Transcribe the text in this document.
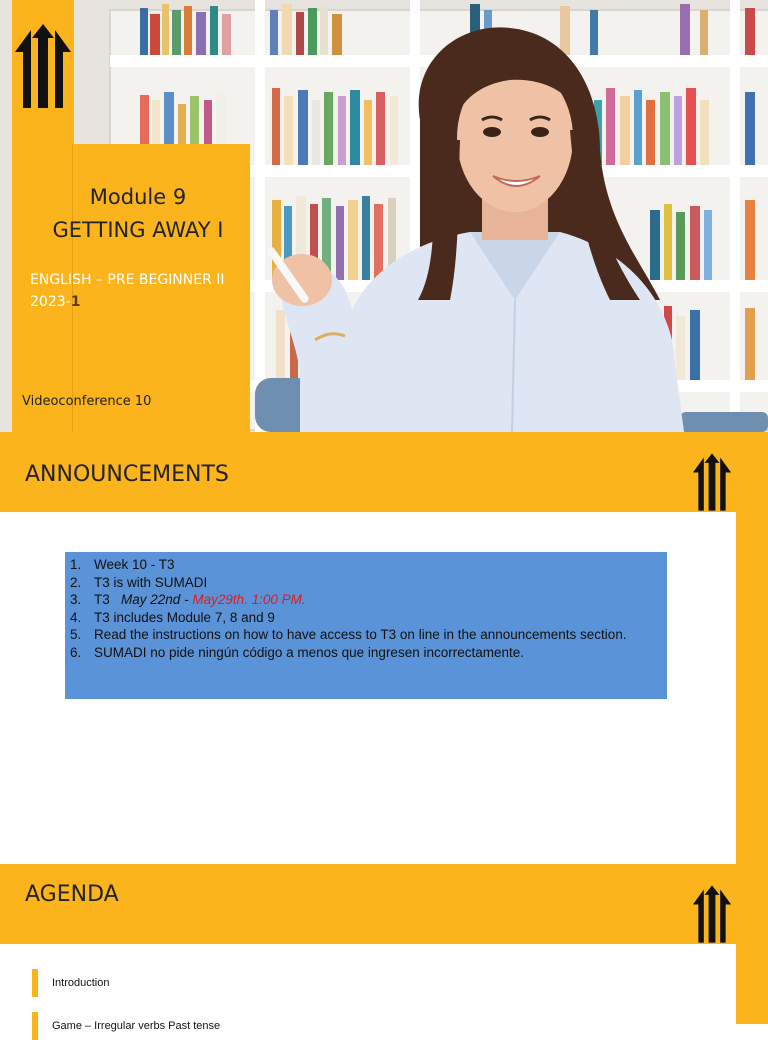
Module 9
GETTING AWAY I
ENGLISH – PRE BEGINNER II
2023-1
Videoconference 10
ANNOUNCEMENTS
1. Week 10 - T3
2. T3 is with SUMADI
3. T3 May 22nd - May29th. 1:00 PM.
4. T3 includes Module 7, 8 and 9
5. Read the instructions on how to have access to T3 on line in the announcements section.
6. SUMADI no pide ningún código a menos que ingresen incorrectamente.
AGENDA
Introduction
Game – Irregular verbs Past tense
